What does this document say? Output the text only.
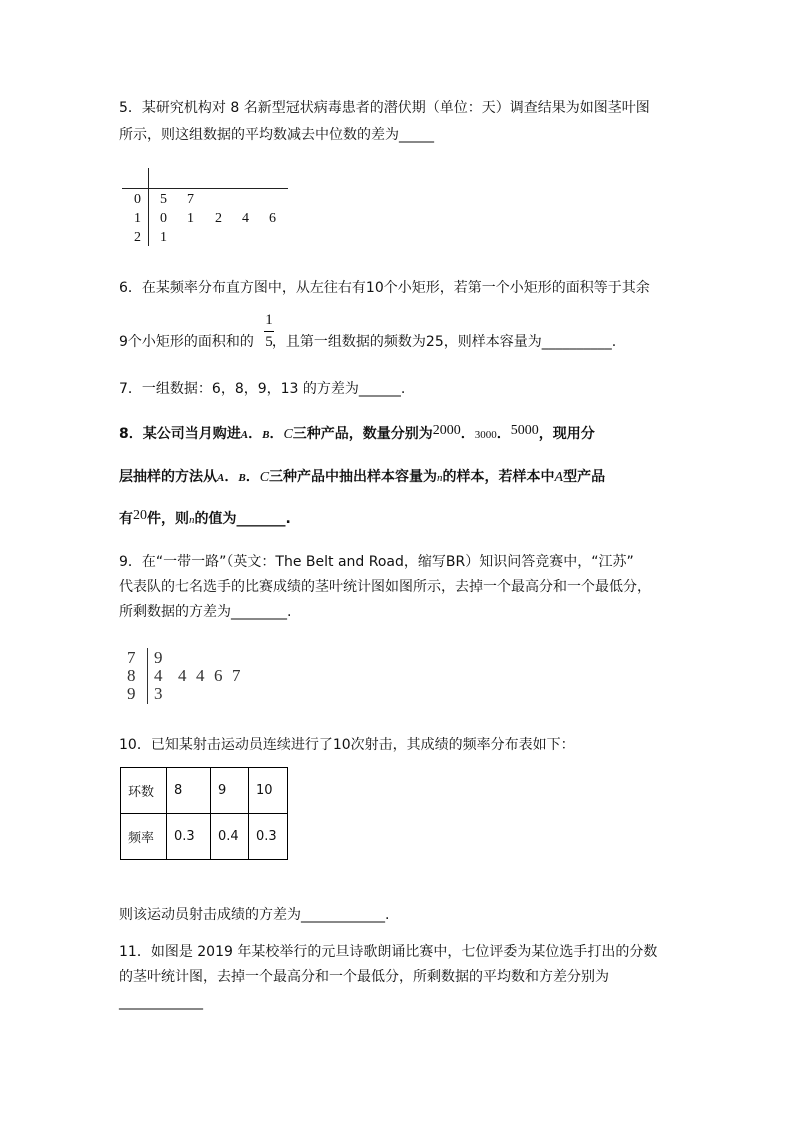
5．某研究机构对 8 名新型冠状病毒患者的潜伏期（单位：天）调查结果为如图茎叶图
所示，则这组数据的平均数减去中位数的差为_____
0 5 7
1 0 1 2 4 6
2 1
6．在某频率分布直方图中，从左往右有10个小矩形，若第一个小矩形的面积等于其余
9个小矩形的面积和的 ，且第一组数据的频数为25，则样本容量为__________.
1
5
7．一组数据：6，8，9，13 的方差为______.
8．某公司当月购进A．B．C三种产品，数量分别为2000．3000．5000，现用分
层抽样的方法从A．B．C三种产品中抽出样本容量为n的样本，若样本中A型产品
有20件，则n的值为_______.
9．在“一带一路”（英文：The Belt and Road，缩写BR）知识问答竞赛中，“江苏”
代表队的七名选手的比赛成绩的茎叶统计图如图所示，去掉一个最高分和一个最低分，
所剩数据的方差为________.
7 9
8 4 4 4 6 7
9 3
10．已知某射击运动员连续进行了10次射击，其成绩的频率分布表如下：
环数	8	9	10
频率	0.3	0.4	0.3
则该运动员射击成绩的方差为____________.
11．如图是 2019 年某校举行的元旦诗歌朗诵比赛中，七位评委为某位选手打出的分数
的茎叶统计图，去掉一个最高分和一个最低分，所剩数据的平均数和方差分别为
____________
